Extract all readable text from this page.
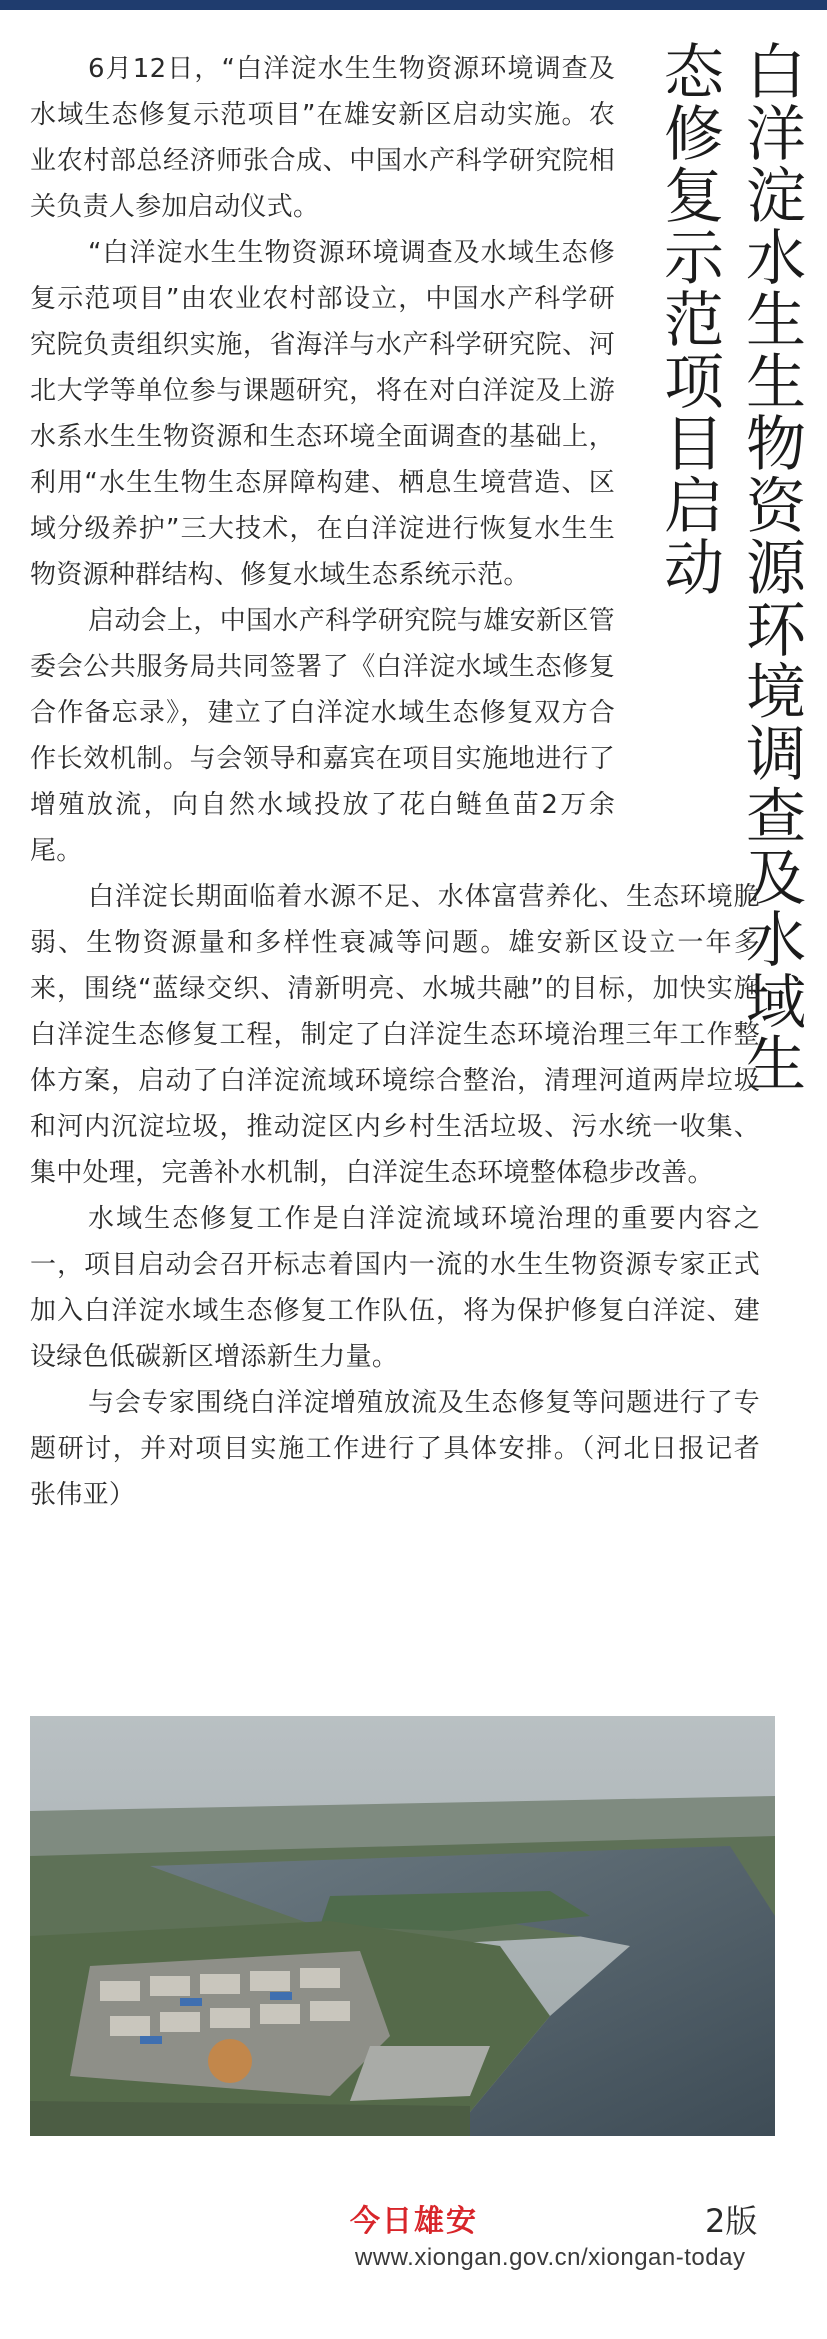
白洋淀水生生物资源环境调查及水域生
态修复示范项目启动

6月12日，“白洋淀水生生物资源环境调查及水域生态修复示范项目”在雄安新区启动实施。农业农村部总经济师张合成、中国水产科学研究院相关负责人参加启动仪式。

“白洋淀水生生物资源环境调查及水域生态修复示范项目”由农业农村部设立，中国水产科学研究院负责组织实施，省海洋与水产科学研究院、河北大学等单位参与课题研究，将在对白洋淀及上游水系水生生物资源和生态环境全面调查的基础上，利用“水生生物生态屏障构建、栖息生境营造、区域分级养护”三大技术，在白洋淀进行恢复水生生物资源种群结构、修复水域生态系统示范。

启动会上，中国水产科学研究院与雄安新区管委会公共服务局共同签署了《白洋淀水域生态修复合作备忘录》，建立了白洋淀水域生态修复双方合作长效机制。与会领导和嘉宾在项目实施地进行了增殖放流，向自然水域投放了花白鲢鱼苗2万余尾。

白洋淀长期面临着水源不足、水体富营养化、生态环境脆弱、生物资源量和多样性衰减等问题。雄安新区设立一年多来，围绕“蓝绿交织、清新明亮、水城共融”的目标，加快实施白洋淀生态修复工程，制定了白洋淀生态环境治理三年工作整体方案，启动了白洋淀流域环境综合整治，清理河道两岸垃圾和河内沉淀垃圾，推动淀区内乡村生活垃圾、污水统一收集、集中处理，完善补水机制，白洋淀生态环境整体稳步改善。

水域生态修复工作是白洋淀流域环境治理的重要内容之一，项目启动会召开标志着国内一流的水生生物资源专家正式加入白洋淀水域生态修复工作队伍，将为保护修复白洋淀、建设绿色低碳新区增添新生力量。

与会专家围绕白洋淀增殖放流及生态修复等问题进行了专题研讨，并对项目实施工作进行了具体安排。（河北日报记者 张伟亚）

今日雄安	2版

www.xiongan.gov.cn/xiongan-today
